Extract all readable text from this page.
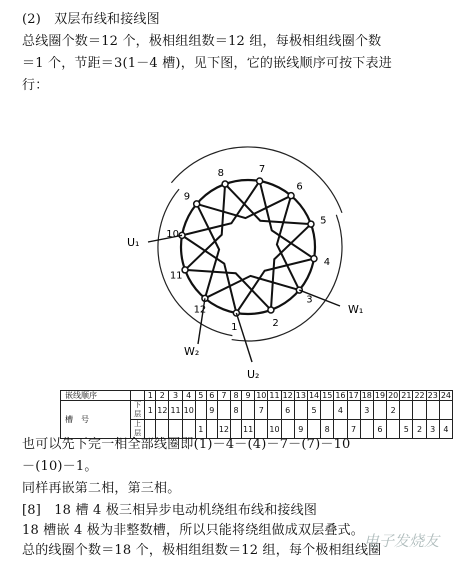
(2)　双层布线和接线图
总线圈个数＝12 个，极相组组数＝12 组，每极相组线圈个数
＝1 个，节距＝3(1－4 槽)，见下图，它的嵌线顺序可按下表进
行：
1	2
3
4
5
6
7
8
9
10
11
12
U₁
W₁
W₂
U₂
嵌线顺序		1	2	3	4	5	6	7	8	9	10	11	12	13	14	15	16	17	18	19	20	21	22	23	24
槽　号	下层	1	12	11	10		9		8		7		6		5		4		3		2				
	上层					1		12		11		10		9		8		7		6		5	2	3	4
也可以先下完一相全部线圈即(1)－4－(4)－7－(7)－10
－(10)－1。
同样再嵌第二相，第三相。
[8]　18 槽 4 极三相异步电动机绕组布线和接线图
18 槽嵌 4 极为非整数槽，所以只能将绕组做成双层叠式。
总的线圈个数＝18 个，极相组组数＝12 组，每个极相组线圈
电子发烧友
